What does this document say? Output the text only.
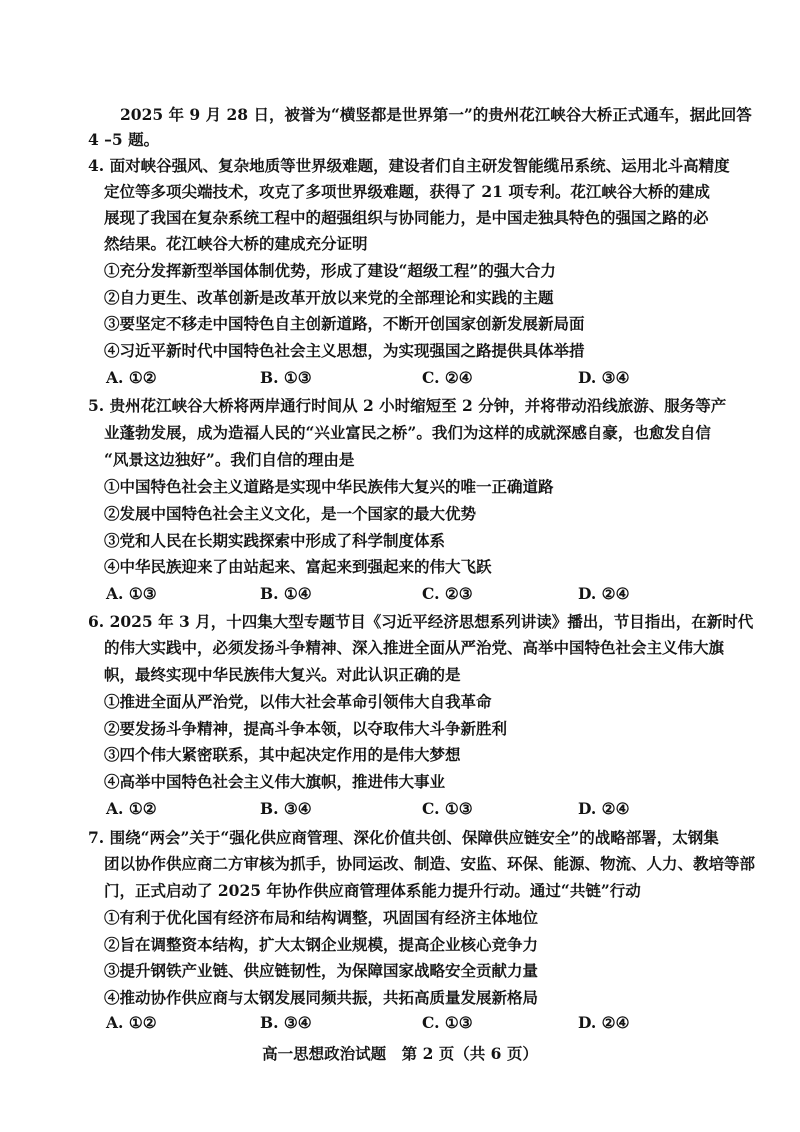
2025 年 9 月 28 日，被誉为“横竖都是世界第一”的贵州花江峡谷大桥正式通车，据此回答
4 –5 题。
4. 面对峡谷强风、复杂地质等世界级难题，建设者们自主研发智能缆吊系统、运用北斗高精度
定位等多项尖端技术，攻克了多项世界级难题，获得了 21 项专利。花江峡谷大桥的建成
展现了我国在复杂系统工程中的超强组织与协同能力，是中国走独具特色的强国之路的必
然结果。花江峡谷大桥的建成充分证明
①充分发挥新型举国体制优势，形成了建设“超级工程”的强大合力
②自力更生、改革创新是改革开放以来党的全部理论和实践的主题
③要坚定不移走中国特色自主创新道路，不断开创国家创新发展新局面
④习近平新时代中国特色社会主义思想，为实现强国之路提供具体举措
A. ①②	B. ①③	C. ②④	D. ③④
5. 贵州花江峡谷大桥将两岸通行时间从 2 小时缩短至 2 分钟，并将带动沿线旅游、服务等产
业蓬勃发展，成为造福人民的“兴业富民之桥”。我们为这样的成就深感自豪，也愈发自信
“风景这边独好”。我们自信的理由是
①中国特色社会主义道路是实现中华民族伟大复兴的唯一正确道路
②发展中国特色社会主义文化，是一个国家的最大优势
③党和人民在长期实践探索中形成了科学制度体系
④中华民族迎来了由站起来、富起来到强起来的伟大飞跃
A. ①③	B. ①④	C. ②③	D. ②④
6. 2025 年 3 月，十四集大型专题节目《习近平经济思想系列讲读》播出，节目指出，在新时代
的伟大实践中，必须发扬斗争精神、深入推进全面从严治党、高举中国特色社会主义伟大旗
帜，最终实现中华民族伟大复兴。对此认识正确的是
①推进全面从严治党，以伟大社会革命引领伟大自我革命
②要发扬斗争精神，提高斗争本领，以夺取伟大斗争新胜利
③四个伟大紧密联系，其中起决定作用的是伟大梦想
④高举中国特色社会主义伟大旗帜，推进伟大事业
A. ①②	B. ③④	C. ①③	D. ②④
7. 围绕“两会”关于“强化供应商管理、深化价值共创、保障供应链安全”的战略部署，太钢集
团以协作供应商二方审核为抓手，协同运改、制造、安监、环保、能源、物流、人力、教培等部
门，正式启动了 2025 年协作供应商管理体系能力提升行动。通过“共链”行动
①有利于优化国有经济布局和结构调整，巩固国有经济主体地位
②旨在调整资本结构，扩大太钢企业规模，提高企业核心竞争力
③提升钢铁产业链、供应链韧性，为保障国家战略安全贡献力量
④推动协作供应商与太钢发展同频共振，共拓高质量发展新格局
A. ①②	B. ③④	C. ①③	D. ②④
高一思想政治试题　第 2 页（共 6 页）
